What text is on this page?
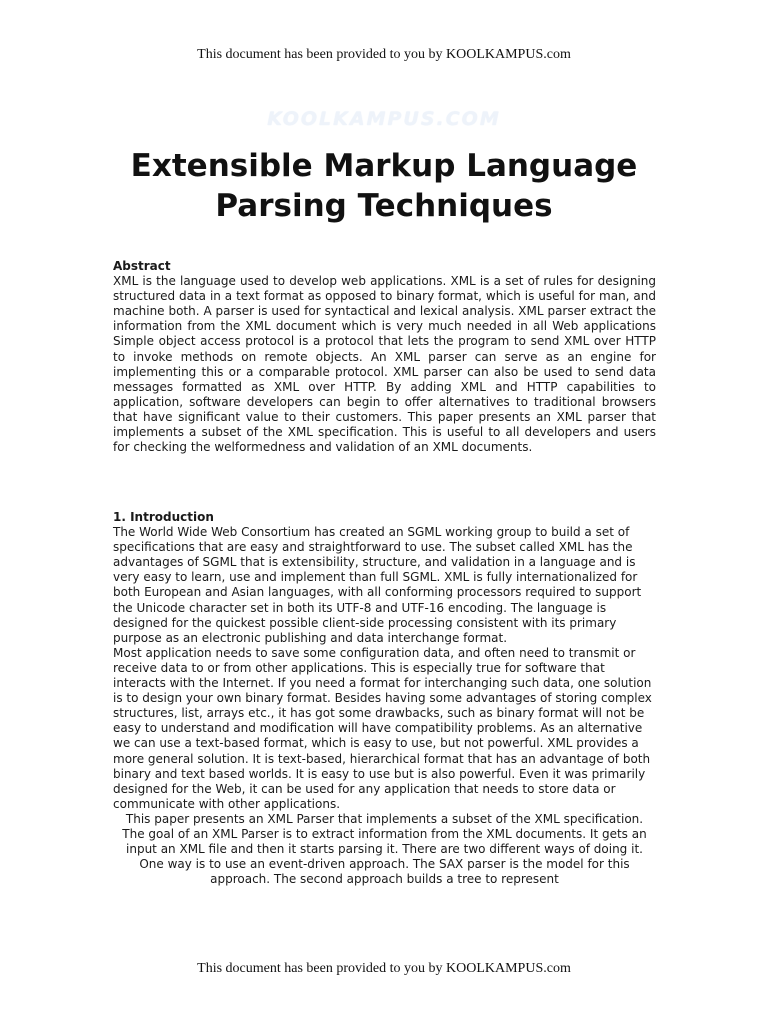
This document has been provided to you by KOOLKAMPUS.com
KOOLKAMPUS.COM
Extensible Markup Language
Parsing Techniques
Abstract

XML is the language used to develop web applications. XML is a set of rules for designing structured data in a text format as opposed to binary format, which is useful for man, and machine both. A parser is used for syntactical and lexical analysis. XML parser extract the information from the XML document which is very much needed in all Web applications Simple object access protocol is a protocol that lets the program to send XML over HTTP to invoke methods on remote objects. An XML parser can serve as an engine for implementing this or a comparable protocol. XML parser can also be used to send data messages formatted as XML over HTTP. By adding XML and HTTP capabilities to application, software developers can begin to offer alternatives to traditional browsers that have significant value to their customers. This paper presents an XML parser that implements a subset of the XML specification. This is useful to all developers and users for checking the welformedness and validation of an XML documents.

1. Introduction

The World Wide Web Consortium has created an SGML working group to build a set of specifications that are easy and straightforward to use. The subset called XML has the advantages of SGML that is extensibility, structure, and validation in a language and is very easy to learn, use and implement than full SGML. XML is fully internationalized for both European and Asian languages, with all conforming processors required to support the Unicode character set in both its UTF-8 and UTF-16 encoding. The language is designed for the quickest possible client-side processing consistent with its primary purpose as an electronic publishing and data interchange format.

Most application needs to save some configuration data, and often need to transmit or receive data to or from other applications. This is especially true for software that interacts with the Internet. If you need a format for interchanging such data, one solution is to design your own binary format. Besides having some advantages of storing complex structures, list, arrays etc., it has got some drawbacks, such as binary format will not be easy to understand and modification will have compatibility problems. As an alternative we can use a text-based format, which is easy to use, but not powerful. XML provides a more general solution. It is text-based, hierarchical format that has an advantage of both binary and text based worlds. It is easy to use but is also powerful. Even it was primarily designed for the Web, it can be used for any application that needs to store data or communicate with other applications.

This paper presents an XML Parser that implements a subset of the XML specification. The goal of an XML Parser is to extract information from the XML documents. It gets an input an XML file and then it starts parsing it. There are two different ways of doing it. One way is to use an event-driven approach. The SAX parser is the model for this approach. The second approach builds a tree to represent

This document has been provided to you by KOOLKAMPUS.com
